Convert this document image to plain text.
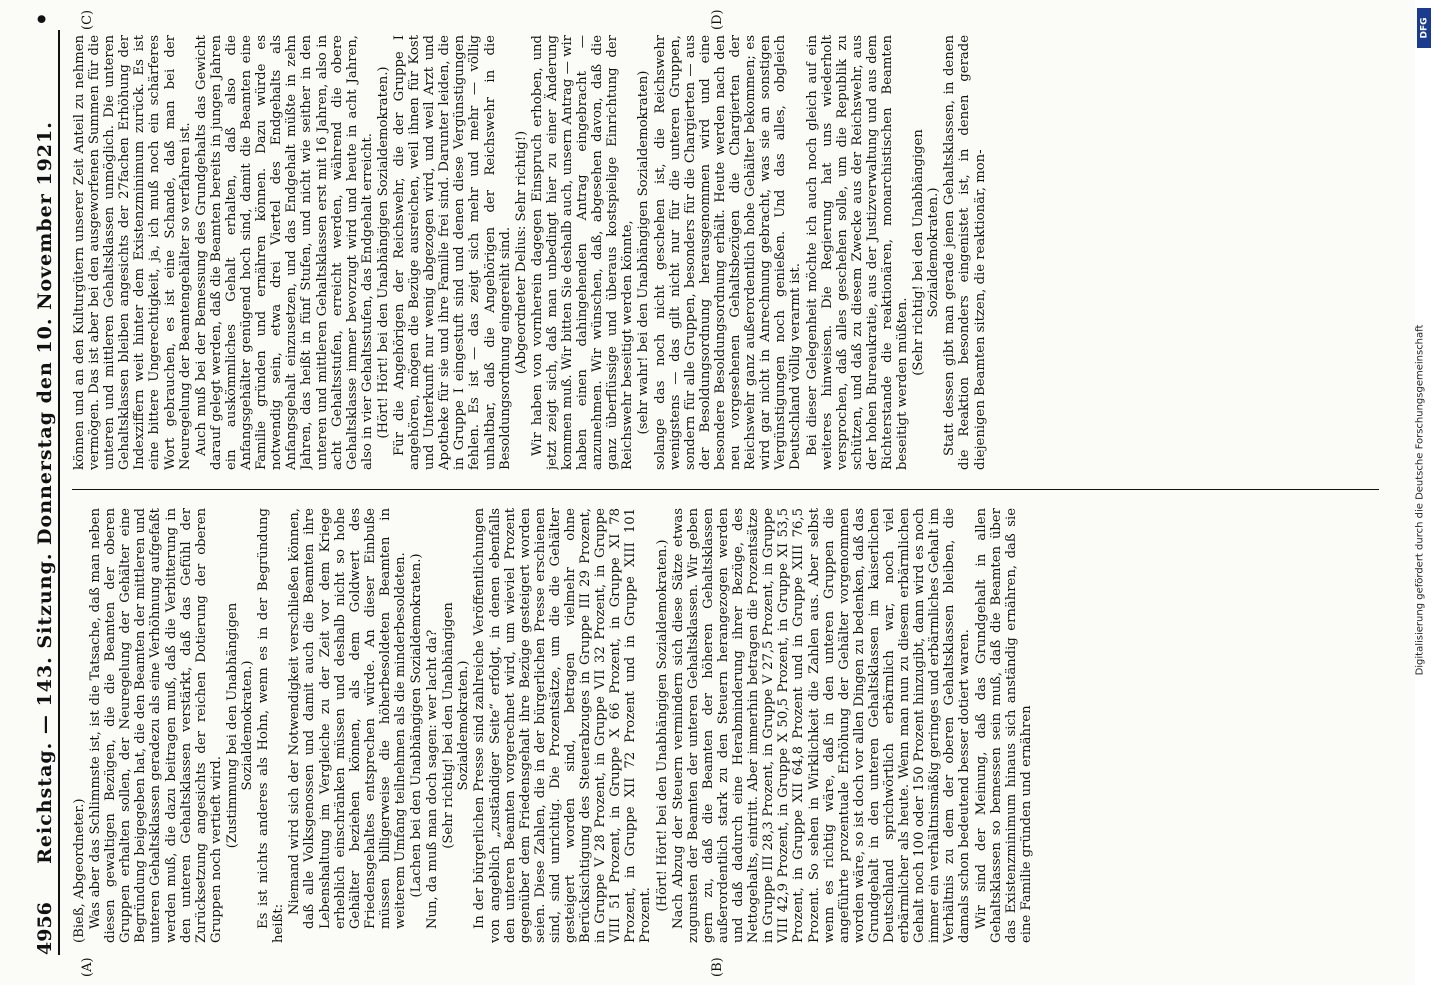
4956
Reichstag. — 143. Sitzung. Donnerstag den 10. November 1921.
•
(A)	(B)
(C)	(D)

(Bieß, Abgeordneter.) Was aber das Schlimmste ist, ist die Tatsache, daß man neben diesen gewaltigen Bezügen, die die Beamten der oberen Gruppen erhalten sollen, der Neuregelung der Gehälter eine Begründung beigegeben hat, die den Beamten der mittleren und unteren Gehaltsklassen geradezu als eine Verhöhnung aufgefaßt werden muß, die dazu beitragen muß, daß die Verbitterung in den unteren Gehaltsklassen verstärkt, daß das Gefühl der Zurücksetzung angesichts der reichen Dotierung der oberen Gruppen noch vertieft wird.

(Zustimmung bei den Unabhängigen Sozialdemokraten.) Es ist nichts anderes als Hohn, wenn es in der Begründung heißt:

Niemand wird sich der Notwendigkeit verschließen können, daß alle Volksgenossen und damit auch die Beamten ihre Lebenshaltung im Vergleiche zu der Zeit vor dem Kriege erheblich einschränken müssen und deshalb nicht so hohe Gehälter beziehen können, als dem Goldwert des Friedensgehaltes entsprechen würde. An dieser Einbuße müssen billigerweise die höherbesoldeten Beamten in weiterem Umfang teilnehmen als die minderbesoldeten. (Lachen bei den Unabhängigen Sozialdemokraten.) Nun, da muß man doch sagen: wer lacht da? (Sehr richtig! bei den Unabhängigen Sozialdemokraten.) In der bürgerlichen Presse sind zahlreiche Veröffentlichungen von angeblich „zuständiger Seite“ erfolgt, in denen ebenfalls den unteren Beamten vorgerechnet wird, um wieviel Prozent gegenüber dem Friedensgehalt ihre Bezüge gesteigert worden seien. Diese Zahlen, die in der bürgerlichen Presse erschienen sind, sind unrichtig. Die Prozentsätze, um die die Gehälter gesteigert worden sind, betragen vielmehr ohne Berücksichtigung des Steuerabzuges in Gruppe III 29 Prozent, in Gruppe V 28 Prozent, in Gruppe VII 32 Prozent, in Gruppe VIII 51 Prozent, in Gruppe X 66 Prozent, in Gruppe XI 78 Prozent, in Gruppe XII 72 Prozent und in Gruppe XIII 101 Prozent.

(Hört! Hört! bei den Unabhängigen Sozialdemokraten.) Nach Abzug der Steuern vermindern sich diese Sätze etwas zugunsten der Beamten der unteren Gehaltsklassen. Wir geben gern zu, daß die Beamten der höheren Gehaltsklassen außerordentlich stark zu den Steuern herangezogen werden und daß dadurch eine Herabminderung ihrer Bezüge, des Nettogehalts, eintritt. Aber immerhin betragen die Prozentsätze in Gruppe III 28,3 Prozent, in Gruppe V 27,5 Prozent, in Gruppe VIII 42,9 Prozent, in Gruppe X 50,5 Prozent, in Gruppe XI 53,5 Prozent, in Gruppe XII 64,8 Prozent und in Gruppe XIII 76,5 Prozent. So sehen in Wirklichkeit die Zahlen aus. Aber selbst wenn es richtig wäre, daß in den unteren Gruppen die angeführte prozentuale Erhöhung der Gehälter vorgenommen worden wäre, so ist doch vor allen Dingen zu bedenken, daß das Grundgehalt in den unteren Gehaltsklassen im kaiserlichen Deutschland sprichwörtlich erbärmlich war, noch viel erbärmlicher als heute. Wenn man nun zu diesem erbärmlichen Gehalt noch 100 oder 150 Prozent hinzugibt, dann wird es noch immer ein verhältnismäßig geringes und erbärmliches Gehalt im Verhältnis zu dem der oberen Gehaltsklassen bleiben, die damals schon bedeutend besser dotiert waren. Wir sind der Meinung, daß das Grundgehalt in allen Gehaltsklassen so bemessen sein muß, daß die Beamten über das Existenzminimum hinaus sich anständig ernähren, daß sie eine Familie gründen und ernähren

können und an den Kulturgütern unserer Zeit Anteil zu nehmen vermögen. Das ist aber bei den ausgeworfenen Summen für die unteren und mittleren Gehaltsklassen unmöglich. Die unteren Gehaltsklassen bleiben angesichts der 27fachen Erhöhung der Indexziffern weit hinter dem Existenzminimum zurück. Es ist eine bittere Ungerechtigkeit, ja, ich muß noch ein schärferes Wort gebrauchen, es ist eine Schande, daß man bei der Neuregelung der Beamtengehälter so verfahren ist. Auch muß bei der Bemessung des Grundgehalts das Gewicht darauf gelegt werden, daß die Beamten bereits in jungen Jahren ein auskömmliches Gehalt erhalten, daß also die Anfangsgehälter genügend hoch sind, damit die Beamten eine Familie gründen und ernähren können. Dazu würde es notwendig sein, etwa drei Viertel des Endgehalts als Anfangsgehalt einzusetzen, und das Endgehalt müßte in zehn Jahren, das heißt in fünf Stufen, und nicht wie seither in den unteren und mittleren Gehaltsklassen erst mit 16 Jahren, also in acht Gehaltsstufen, erreicht werden, während die obere Gehaltsklasse immer bevorzugt wird und heute in acht Jahren, also in vier Gehaltsstufen, das Endgehalt erreicht. (Hört! Hört! bei den Unabhängigen Sozialdemokraten.) Für die Angehörigen der Reichswehr, die der Gruppe I angehören, mögen die Bezüge ausreichen, weil ihnen für Kost und Unterkunft nur wenig abgezogen wird, und weil Arzt und Apotheke für sie und ihre Familie frei sind. Darunter leiden, die in Gruppe I eingestuft sind und denen diese Vergünstigungen fehlen. Es ist — das zeigt sich mehr und mehr — völlig unhaltbar, daß die Angehörigen der Reichswehr in die Besoldungsordnung eingereiht sind. (Abgeordneter Delius: Sehr richtig!) Wir haben von vornherein dagegen Einspruch erhoben, und jetzt zeigt sich, daß man unbedingt hier zu einer Änderung kommen muß. Wir bitten Sie deshalb auch, unsern Antrag — wir haben einen dahingehenden Antrag eingebracht — anzunehmen. Wir wünschen, daß, abgesehen davon, daß die ganz überflüssige und überaus kostspielige Einrichtung der Reichswehr beseitigt werden könnte, (sehr wahr! bei den Unabhängigen Sozialdemokraten) solange das noch nicht geschehen ist, die Reichswehr wenigstens — das gilt nicht nur für die unteren Gruppen, sondern für alle Gruppen, besonders für die Chargierten — aus der Besoldungsordnung herausgenommen wird und eine besondere Besoldungsordnung erhält. Heute werden nach den neu vorgesehenen Gehaltsbezügen die Chargierten der Reichswehr ganz außerordentlich hohe Gehälter bekommen; es wird gar nicht in Anrechnung gebracht, was sie an sonstigen Vergünstigungen noch genießen. Und das alles, obgleich Deutschland völlig verarmt ist. Bei dieser Gelegenheit möchte ich auch noch gleich auf ein weiteres hinweisen. Die Regierung hat uns wiederholt versprochen, daß alles geschehen solle, um die Republik zu schützen, und daß zu diesem Zwecke aus der Reichswehr, aus der hohen Bureaukratie, aus der Justizverwaltung und aus dem Richterstande die reaktionären, monarchistischen Beamten beseitigt werden müßten.

(Sehr richtig! bei den Unabhängigen Sozialdemokraten.) Statt dessen gibt man gerade jenen Gehaltsklassen, in denen die Reaktion besonders eingenistet ist, in denen gerade diejenigen Beamten sitzen, die reaktionär, mon-

DFG
Digitalisierung gefördert durch die Deutsche Forschungsgemeinschaft
